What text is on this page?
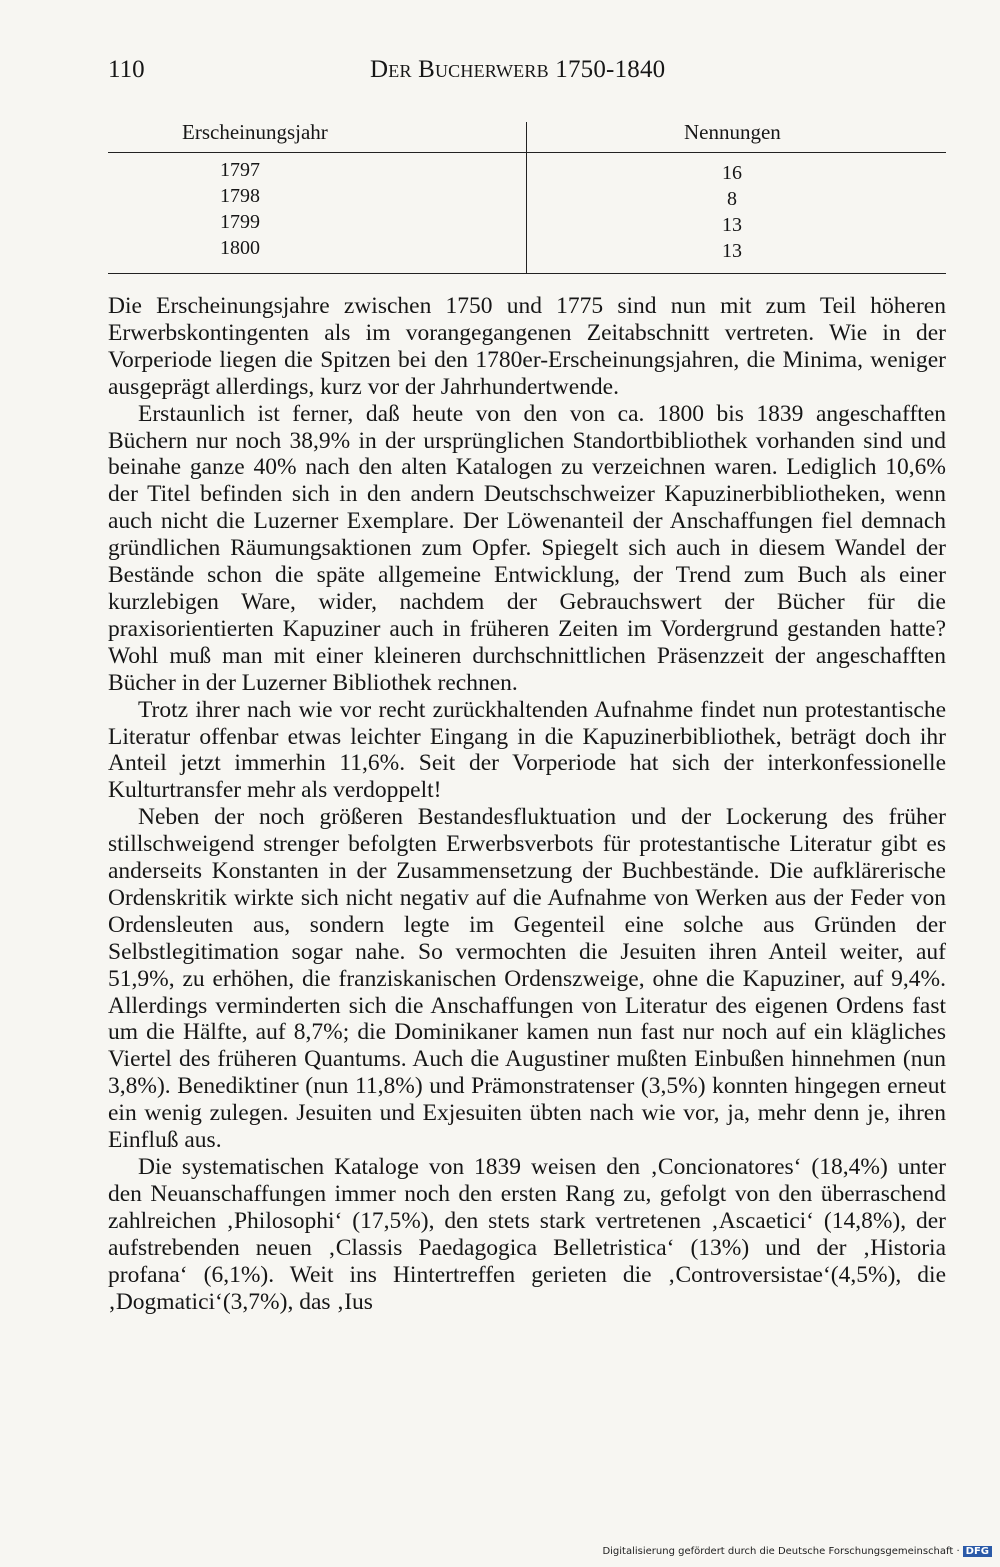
110	Der Bucherwerb 1750-1840
Erscheinungsjahr	Nennungen
1797	16
1798	8
1799	13
1800	13

Die Erscheinungsjahre zwischen 1750 und 1775 sind nun mit zum Teil höheren Erwerbskontingenten als im vorangegangenen Zeitabschnitt vertreten. Wie in der Vorperiode liegen die Spitzen bei den 1780er-Erscheinungsjahren, die Minima, weniger ausgeprägt allerdings, kurz vor der Jahrhundertwende.

Erstaunlich ist ferner, daß heute von den von ca. 1800 bis 1839 angeschafften Büchern nur noch 38,9% in der ursprünglichen Standortbibliothek vorhanden sind und beinahe ganze 40% nach den alten Katalogen zu verzeichnen waren. Lediglich 10,6% der Titel befinden sich in den andern Deutschschweizer Kapuzinerbibliotheken, wenn auch nicht die Luzerner Exemplare. Der Löwenanteil der Anschaffungen fiel demnach gründlichen Räumungsaktionen zum Opfer. Spiegelt sich auch in diesem Wandel der Bestände schon die späte allgemeine Entwicklung, der Trend zum Buch als einer kurzlebigen Ware, wider, nachdem der Gebrauchswert der Bücher für die praxisorientierten Kapuziner auch in früheren Zeiten im Vordergrund gestanden hatte? Wohl muß man mit einer kleineren durchschnittlichen Präsenzzeit der angeschafften Bücher in der Luzerner Bibliothek rechnen.

Trotz ihrer nach wie vor recht zurückhaltenden Aufnahme findet nun protestantische Literatur offenbar etwas leichter Eingang in die Kapuzinerbibliothek, beträgt doch ihr Anteil jetzt immerhin 11,6%. Seit der Vorperiode hat sich der interkonfessionelle Kulturtransfer mehr als verdoppelt!

Neben der noch größeren Bestandesfluktuation und der Lockerung des früher stillschweigend strenger befolgten Erwerbsverbots für protestantische Literatur gibt es anderseits Konstanten in der Zusammensetzung der Buchbestände. Die aufklärerische Ordenskritik wirkte sich nicht negativ auf die Aufnahme von Werken aus der Feder von Ordensleuten aus, sondern legte im Gegenteil eine solche aus Gründen der Selbstlegitimation sogar nahe. So vermochten die Jesuiten ihren Anteil weiter, auf 51,9%, zu erhöhen, die franziskanischen Ordenszweige, ohne die Kapuziner, auf 9,4%. Allerdings verminderten sich die Anschaffungen von Literatur des eigenen Ordens fast um die Hälfte, auf 8,7%; die Dominikaner kamen nun fast nur noch auf ein klägliches Viertel des früheren Quantums. Auch die Augustiner mußten Einbußen hinnehmen (nun 3,8%). Benediktiner (nun 11,8%) und Prämonstratenser (3,5%) konnten hingegen erneut ein wenig zulegen. Jesuiten und Exjesuiten übten nach wie vor, ja, mehr denn je, ihren Einfluß aus.

Die systematischen Kataloge von 1839 weisen den ‚Concionatores‘ (18,4%) unter den Neuanschaffungen immer noch den ersten Rang zu, gefolgt von den überraschend zahlreichen ‚Philosophi‘ (17,5%), den stets stark vertretenen ‚Ascaetici‘ (14,8%), der aufstrebenden neuen ‚Classis Paedagogica Belletristica‘ (13%) und der ‚Historia profana‘ (6,1%). Weit ins Hintertreffen gerieten die ‚Controversistae‘(4,5%), die ‚Dogmatici‘(3,7%), das ‚Ius

Digitalisierung gefördert durch die Deutsche Forschungsgemeinschaft · DFG
